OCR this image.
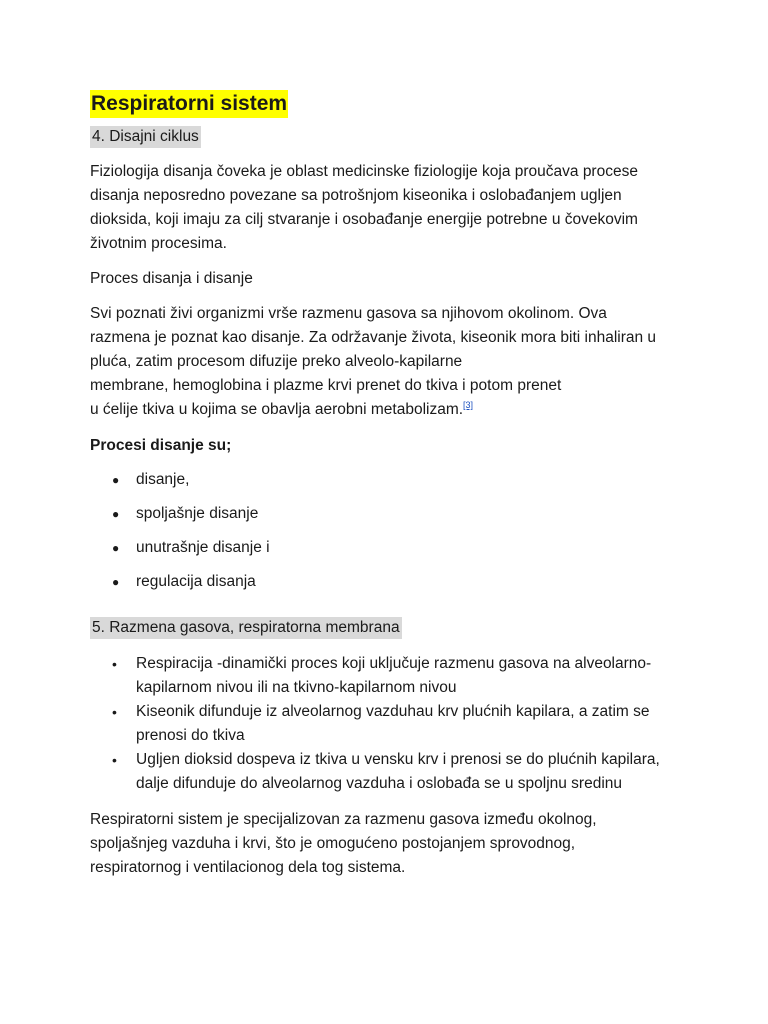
Respiratorni sistem
4. Disajni ciklus

Fiziologija disanja čoveka je oblast medicinske fiziologije koja proučava procese

disanja neposredno povezane sa potrošnjom kiseonika i oslobađanjem ugljen

dioksida, koji imaju za cilj stvaranje i osobađanje energije potrebne u čovekovim

životnim procesima.

Proces disanja i disanje

Svi poznati živi organizmi vrše razmenu gasova sa njihovom okolinom. Ova

razmena je poznat kao disanje. Za održavanje života, kiseonik mora biti inhaliran u

pluća, zatim procesom difuzije preko alveolo-kapilarne

membrane, hemoglobina i plazme krvi prenet do tkiva i potom prenet

u ćelije tkiva u kojima se obavlja aerobni metabolizam.[3]

Procesi disanje su;

● disanje,
● spoljašnje disanje
● unutrašnje disanje i
● regulacija disanja
5. Razmena gasova, respiratorna membrana
• Respiracija -dinamički proces koji uključuje razmenu gasova na alveolarno-
kapilarnom nivou ili na tkivno-kapilarnom nivou
• Kiseonik difunduje iz alveolarnog vazduhau krv plućnih kapilara, a zatim se
prenosi do tkiva
• Ugljen dioksid dospeva iz tkiva u vensku krv i prenosi se do plućnih kapilara,
dalje difunduje do alveolarnog vazduha i oslobađa se u spoljnu sredinu

Respiratorni sistem je specijalizovan za razmenu gasova između okolnog,

spoljašnjeg vazduha i krvi, što je omogućeno postojanjem sprovodnog,

respiratornog i ventilacionog dela tog sistema.
